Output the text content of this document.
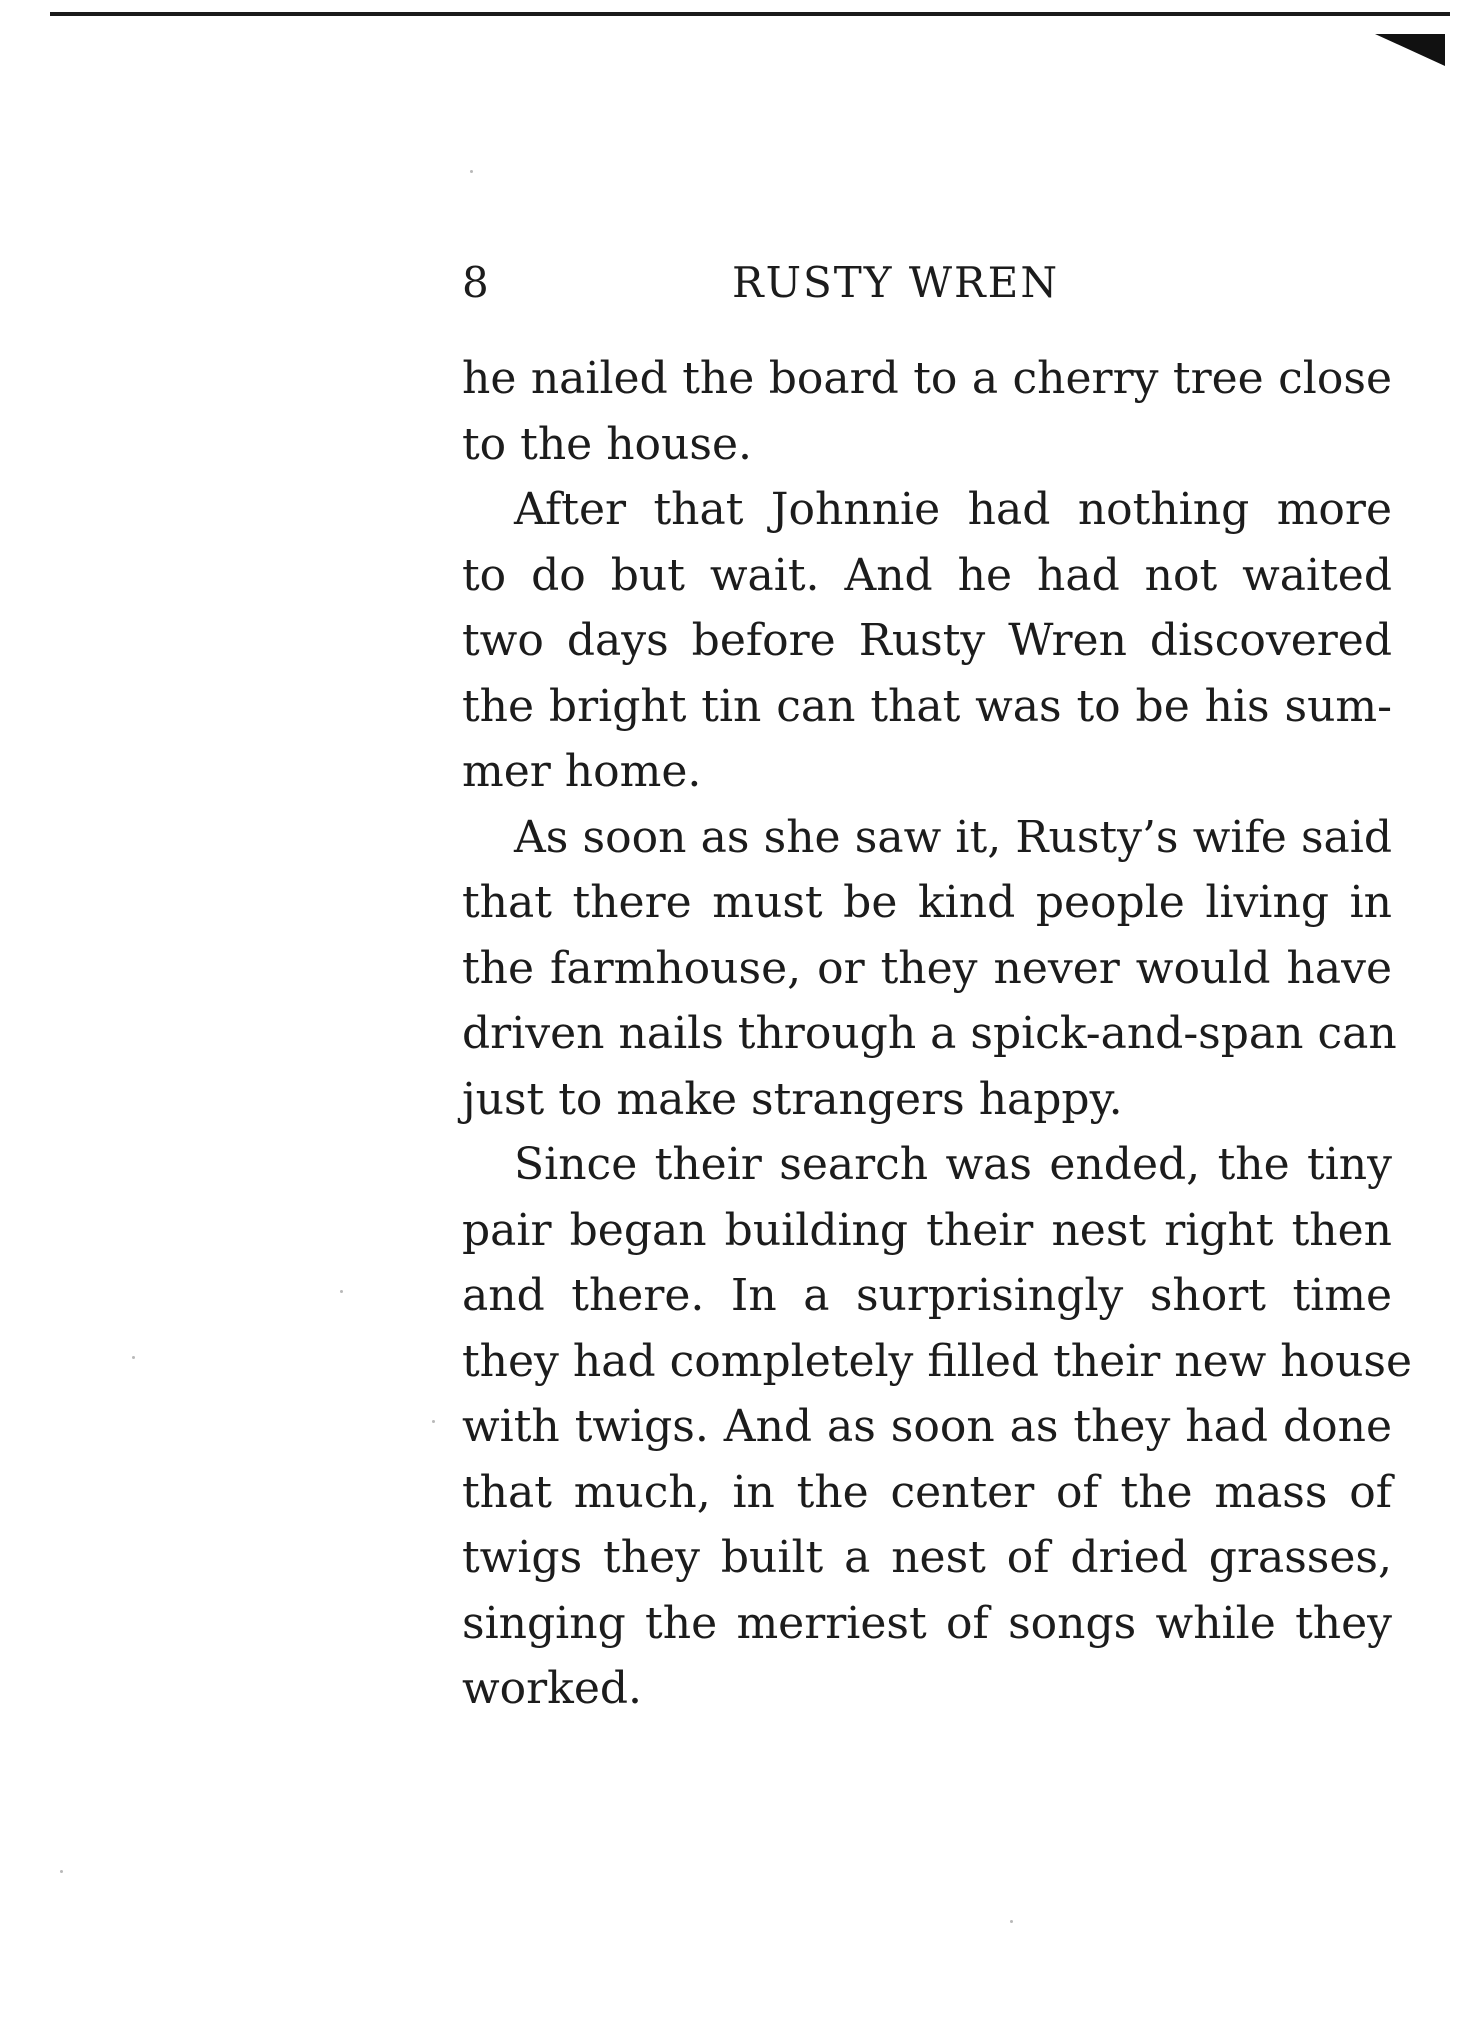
8	RUSTY WREN
he nailed the board to a cherry tree close
to the house.
After that Johnnie had nothing more
to do but wait. And he had not waited
two days before Rusty Wren discovered
the bright tin can that was to be his sum-
mer home.
As soon as she saw it, Rusty’s wife said
that there must be kind people living in
the farmhouse, or they never would have
driven nails through a spick-and-span can
just to make strangers happy.
Since their search was ended, the tiny
pair began building their nest right then
and there. In a surprisingly short time
they had completely filled their new house
with twigs. And as soon as they had done
that much, in the center of the mass of
twigs they built a nest of dried grasses,
singing the merriest of songs while they
worked.
